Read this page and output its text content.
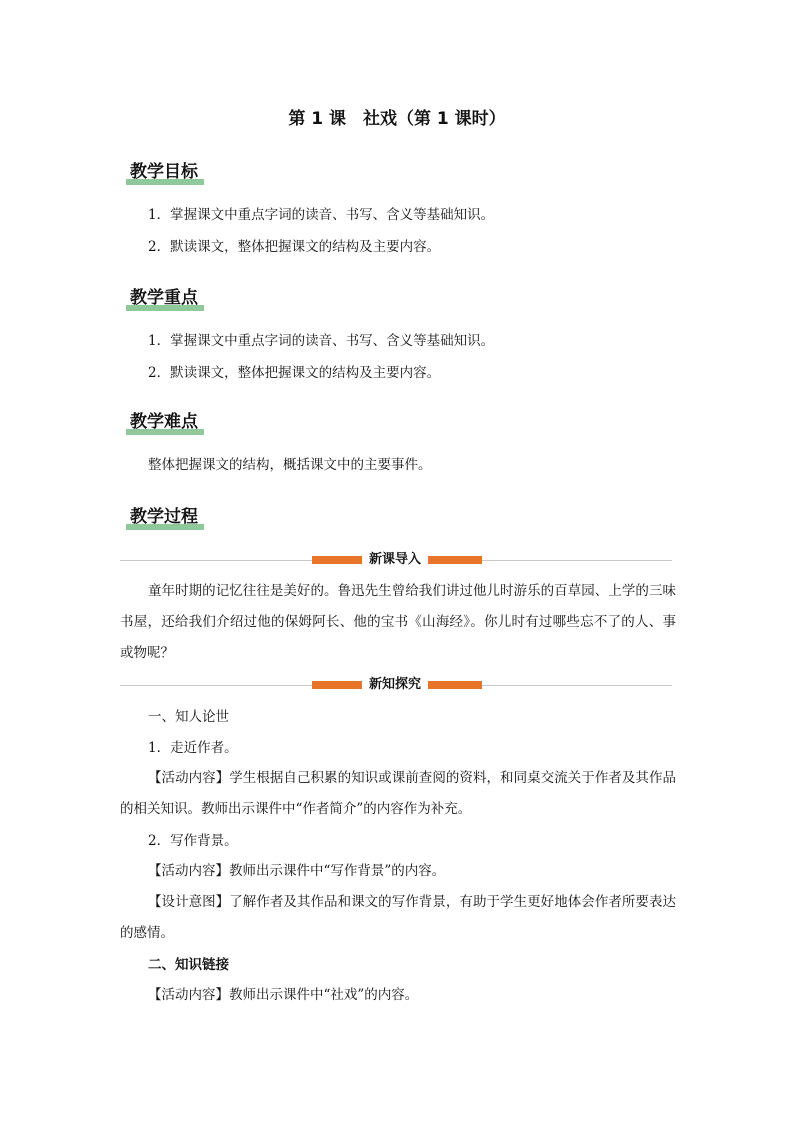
第 1 课　社戏（第 1 课时）
教学目标
1．掌握课文中重点字词的读音、书写、含义等基础知识。
2．默读课文，整体把握课文的结构及主要内容。
教学重点
1．掌握课文中重点字词的读音、书写、含义等基础知识。
2．默读课文，整体把握课文的结构及主要内容。
教学难点
整体把握课文的结构，概括课文中的主要事件。
教学过程
新课导入
童年时期的记忆往往是美好的。鲁迅先生曾给我们讲过他儿时游乐的百草园、上学的三味书屋，还给我们介绍过他的保姆阿长、他的宝书《山海经》。你儿时有过哪些忘不了的人、事或物呢？
新知探究
一、知人论世
1．走近作者。
【活动内容】学生根据自己积累的知识或课前查阅的资料，和同桌交流关于作者及其作品的相关知识。教师出示课件中“作者简介”的内容作为补充。
2．写作背景。
【活动内容】教师出示课件中“写作背景”的内容。
【设计意图】了解作者及其作品和课文的写作背景，有助于学生更好地体会作者所要表达的感情。
二、知识链接
【活动内容】教师出示课件中“社戏”的内容。
